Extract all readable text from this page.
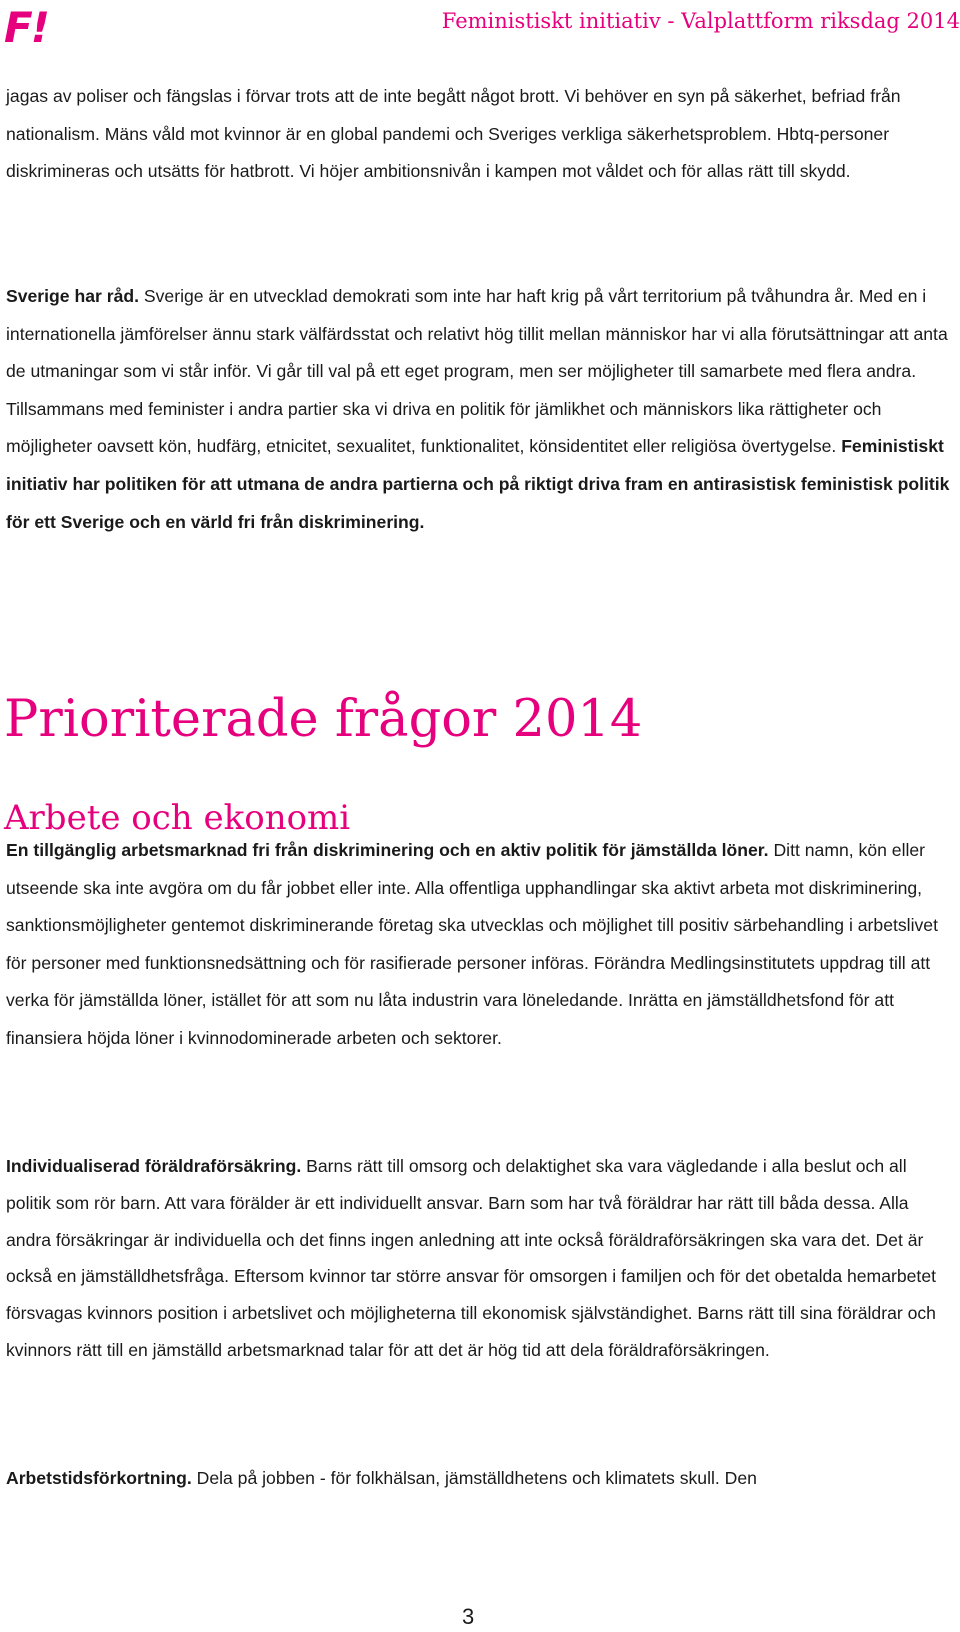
F!	Feministiskt initiativ - Valplattform riksdag 2014

jagas av poliser och fängslas i förvar trots att de inte begått något brott. Vi behöver en syn på säkerhet, befriad från nationalism. Mäns våld mot kvinnor är en global pandemi och Sveriges verkliga säkerhetsproblem. Hbtq-personer diskrimineras och utsätts för hatbrott. Vi höjer ambitionsnivån i kampen mot våldet och för allas rätt till skydd.

Sverige har råd. Sverige är en utvecklad demokrati som inte har haft krig på vårt territorium på tvåhundra år. Med en i internationella jämförelser ännu stark välfärdsstat och relativt hög tillit mellan människor har vi alla förutsättningar att anta de utmaningar som vi står inför. Vi går till val på ett eget program, men ser möjligheter till samarbete med flera andra. Tillsammans med feminister i andra partier ska vi driva en politik för jämlikhet och människors lika rättigheter och möjligheter oavsett kön, hudfärg, etnicitet, sexualitet, funktionalitet, könsidentitet eller religiösa övertygelse. Feministiskt initiativ har politiken för att utmana de andra partierna och på riktigt driva fram en antirasistisk feministisk politik för ett Sverige och en värld fri från diskriminering.

Prioriterade frågor 2014
Arbete och ekonomi

En tillgänglig arbetsmarknad fri från diskriminering och en aktiv politik för jämställda löner. Ditt namn, kön eller utseende ska inte avgöra om du får jobbet eller inte. Alla offentliga upphandlingar ska aktivt arbeta mot diskriminering, sanktionsmöjligheter gentemot diskriminerande företag ska utvecklas och möjlighet till positiv särbehandling i arbetslivet för personer med funktionsnedsättning och för rasifierade personer införas. Förändra Medlingsinstitutets uppdrag till att verka för jämställda löner, istället för att som nu låta industrin vara löneledande. Inrätta en jämställdhetsfond för att finansiera höjda löner i kvinnodominerade arbeten och sektorer.

Individualiserad föräldraförsäkring. Barns rätt till omsorg och delaktighet ska vara vägledande i alla beslut och all politik som rör barn. Att vara förälder är ett individuellt ansvar. Barn som har två föräldrar har rätt till båda dessa. Alla andra försäkringar är individuella och det finns ingen anledning att inte också föräldraförsäkringen ska vara det. Det är också en jämställdhetsfråga. Eftersom kvinnor tar större ansvar för omsorgen i familjen och för det obetalda hemarbetet försvagas kvinnors position i arbetslivet och möjligheterna till ekonomisk självständighet. Barns rätt till sina föräldrar och kvinnors rätt till en jämställd arbetsmarknad talar för att det är hög tid att dela föräldraförsäkringen.

Arbetstidsförkortning. Dela på jobben - för folkhälsan, jämställdhetens och klimatets skull. Den

3
